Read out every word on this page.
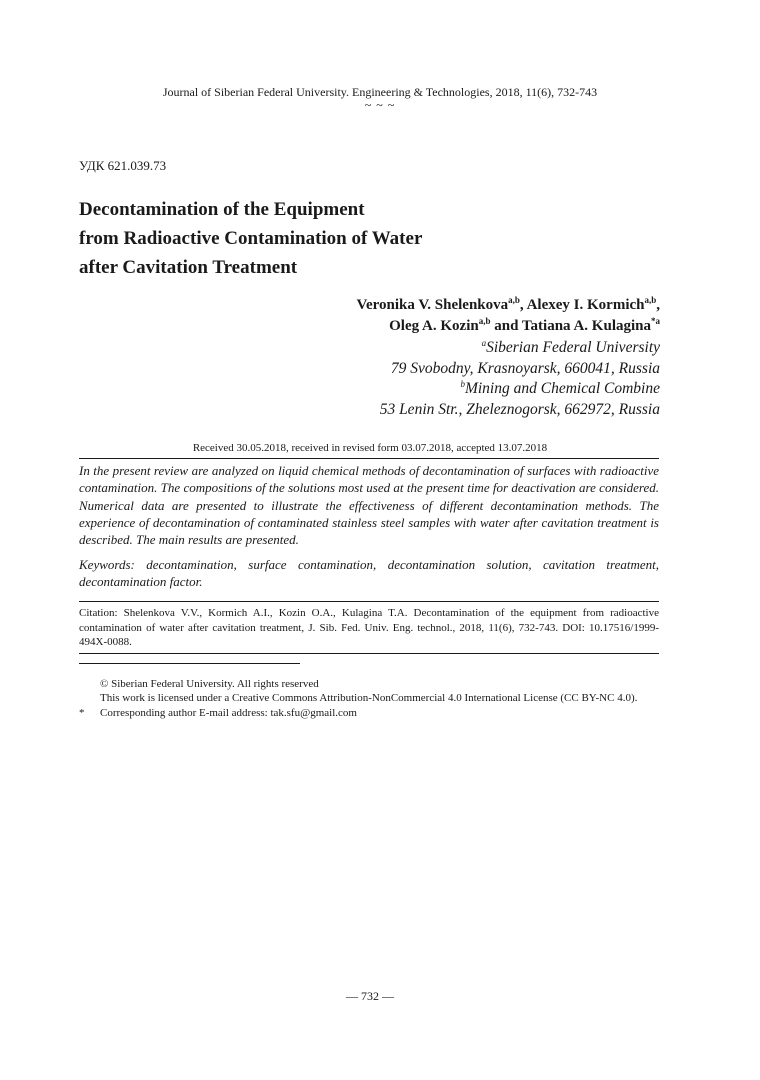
Journal of Siberian Federal University. Engineering & Technologies, 2018, 11(6), 732-743
~ ~ ~
УДК 621.039.73
Decontamination of the Equipment
from Radioactive Contamination of Water
after Cavitation Treatment
Veronika V. Shelenkova$^{a,b}$, Alexey I. Kormich$^{a,b}$,
Oleg A. Kozin$^{a,b}$ and Tatiana A. Kulagina$^{*a}$
$^a$Siberian Federal University
79 Svobodny, Krasnoyarsk, 660041, Russia
$^b$Mining and Chemical Combine
53 Lenin Str., Zheleznogorsk, 662972, Russia
Received 30.05.2018, received in revised form 03.07.2018, accepted 13.07.2018
In the present review are analyzed on liquid chemical methods of decontamination of surfaces with radioactive contamination. The compositions of the solutions most used at the present time for deactivation are considered. Numerical data are presented to illustrate the effectiveness of different decontamination methods. The experience of decontamination of contaminated stainless steel samples with water after cavitation treatment is described. The main results are presented.
Keywords: decontamination, surface contamination, decontamination solution, cavitation treatment, decontamination factor.
Citation: Shelenkova V.V., Kormich A.I., Kozin O.A., Kulagina T.A. Decontamination of the equipment from radioactive contamination of water after cavitation treatment, J. Sib. Fed. Univ. Eng. technol., 2018, 11(6), 732-743. DOI: 10.17516/1999-494X-0088.
© Siberian Federal University. All rights reserved
This work is licensed under a Creative Commons Attribution-NonCommercial 4.0 International License (CC BY-NC 4.0).
*	Corresponding author E-mail address: tak.sfu@gmail.com
— 732 —
